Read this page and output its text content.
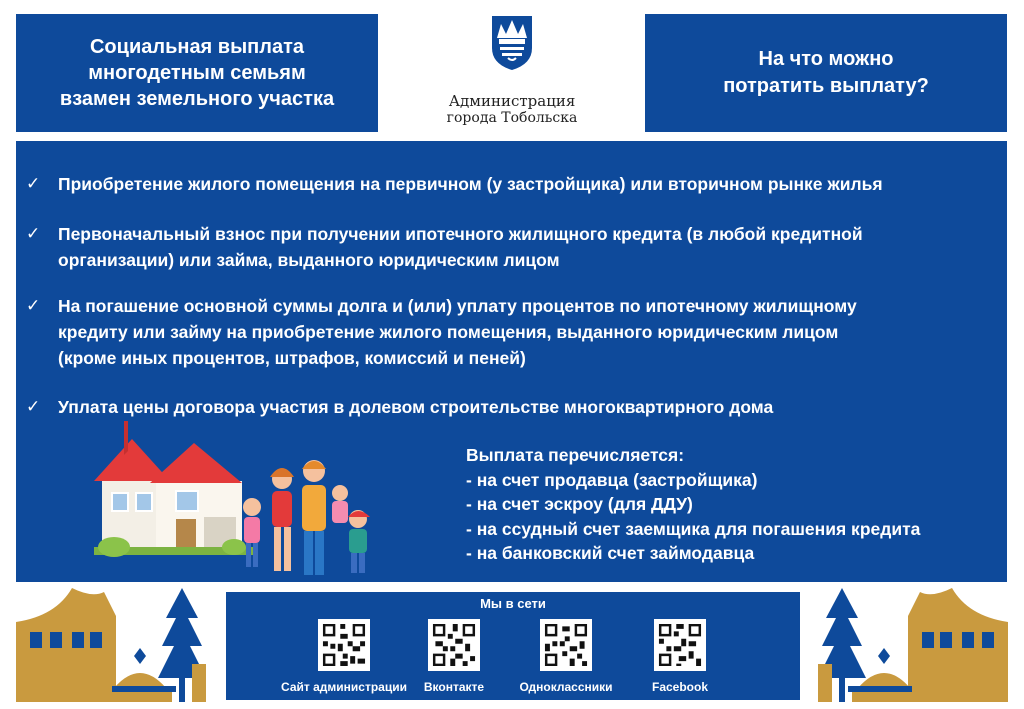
Социальная выплата
многодетным семьям
взамен земельного участка	Администрация
города Тобольска
На что можно
потратить выплату?
✓ Приобретение жилого помещения на первичном (у застройщика) или вторичном рынке жилья
✓ Первоначальный взнос при получении ипотечного жилищного кредита (в любой кредитной
организации) или займа, выданного юридическим лицом
✓ На погашение основной суммы долга и (или) уплату процентов по ипотечному жилищному
кредиту или займу на приобретение жилого помещения, выданного юридическим лицом
(кроме иных процентов, штрафов, комиссий и пеней)
✓ Уплата цены договора участия в долевом строительстве многоквартирного дома
Выплата перечисляется:
- на счет продавца (застройщика)
- на счет эскроу (для ДДУ)
- на ссудный счет заемщика для погашения кредита
- на банковский счет займодавца
Мы в сети
Сайт администрации	Вконтакте	Одноклассники	Facebook
